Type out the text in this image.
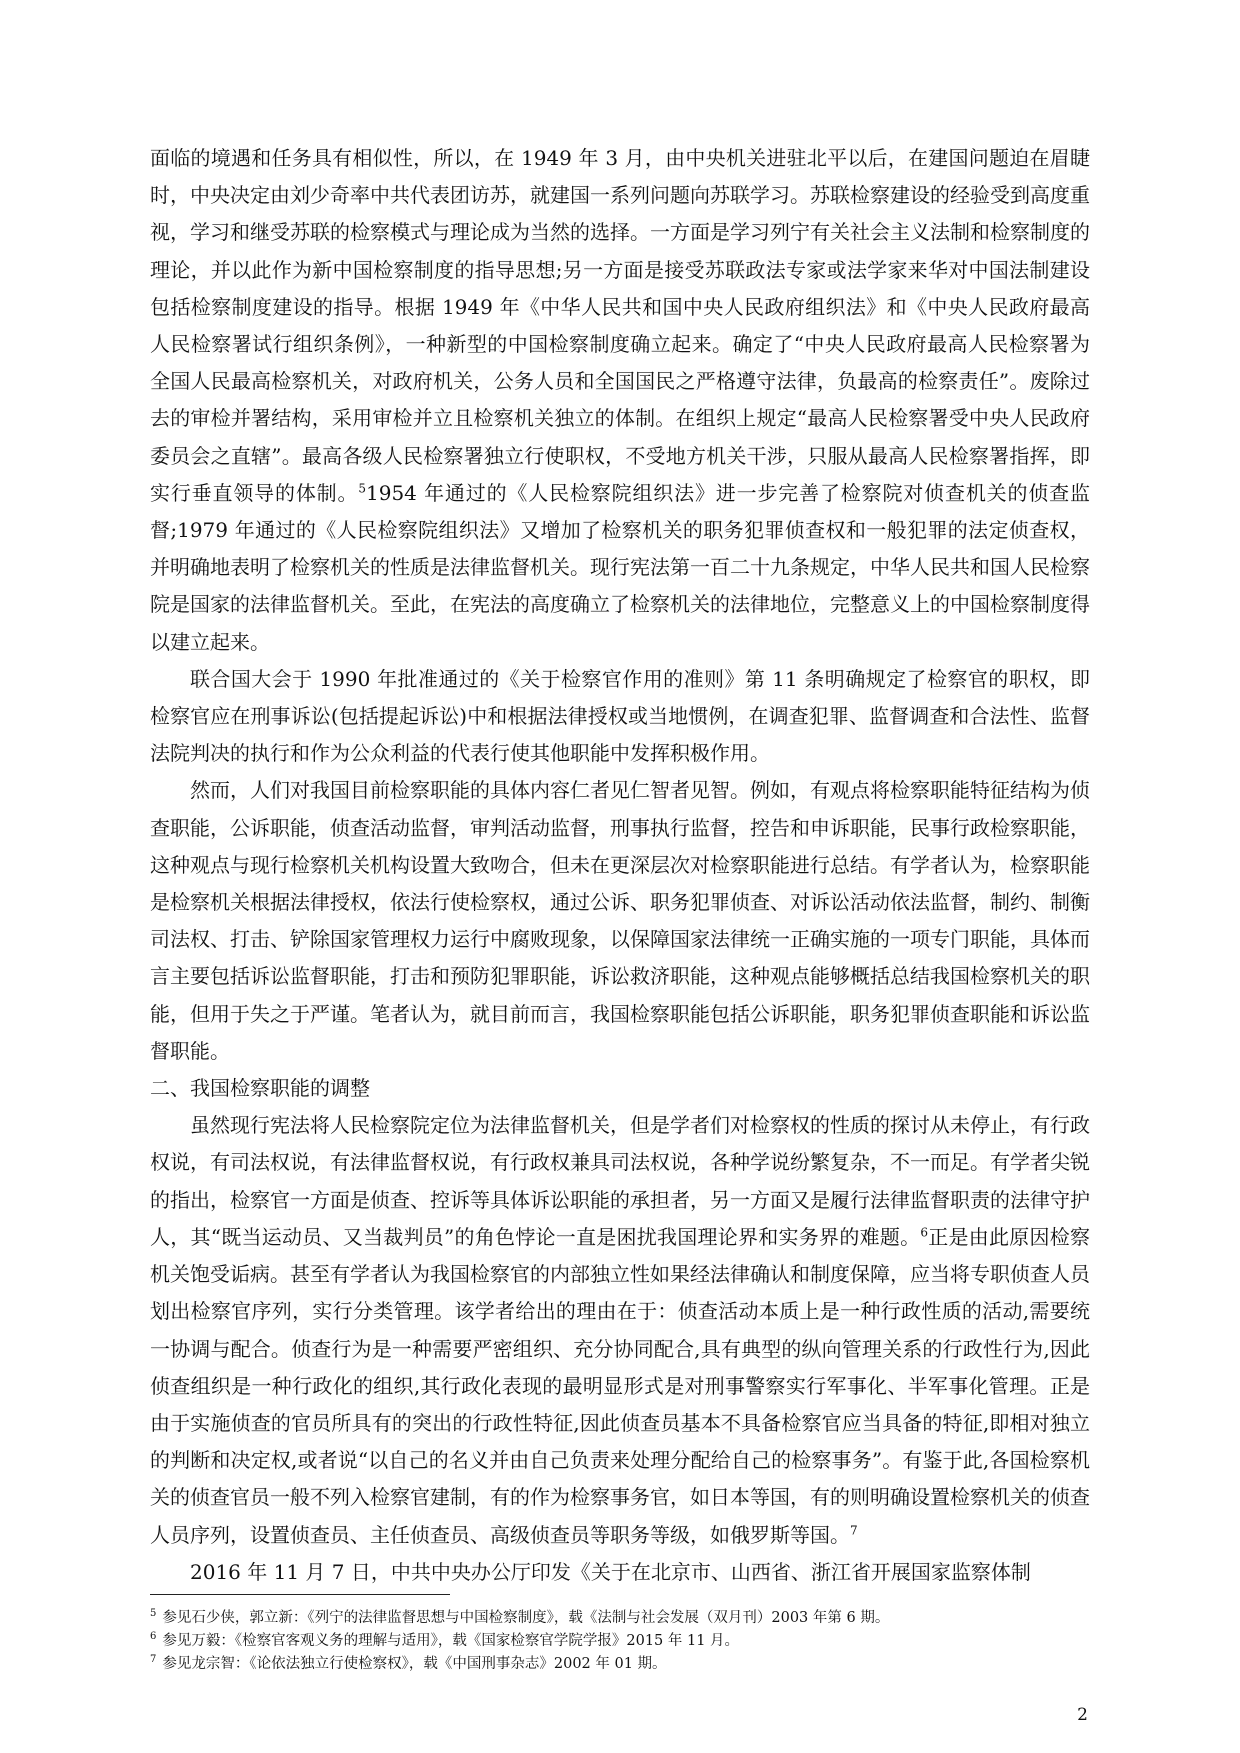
面临的境遇和任务具有相似性，所以，在 1949 年 3 月，由中央机关进驻北平以后，在建国问题迫在眉睫时，中央决定由刘少奇率中共代表团访苏，就建国一系列问题向苏联学习。苏联检察建设的经验受到高度重视，学习和继受苏联的检察模式与理论成为当然的选择。一方面是学习列宁有关社会主义法制和检察制度的理论，并以此作为新中国检察制度的指导思想;另一方面是接受苏联政法专家或法学家来华对中国法制建设包括检察制度建设的指导。根据 1949 年《中华人民共和国中央人民政府组织法》和《中央人民政府最高人民检察署试行组织条例》，一种新型的中国检察制度确立起来。确定了“中央人民政府最高人民检察署为全国人民最高检察机关，对政府机关，公务人员和全国国民之严格遵守法律，负最高的检察责任”。废除过去的审检并署结构，采用审检并立且检察机关独立的体制。在组织上规定“最高人民检察署受中央人民政府委员会之直辖”。最高各级人民检察署独立行使职权，不受地方机关干涉，只服从最高人民检察署指挥，即实行垂直领导的体制。$^5$1954 年通过的《人民检察院组织法》进一步完善了检察院对侦查机关的侦查监督;1979 年通过的《人民检察院组织法》又增加了检察机关的职务犯罪侦查权和一般犯罪的法定侦查权，并明确地表明了检察机关的性质是法律监督机关。现行宪法第一百二十九条规定，中华人民共和国人民检察院是国家的法律监督机关。至此，在宪法的高度确立了检察机关的法律地位，完整意义上的中国检察制度得以建立起来。

联合国大会于 1990 年批准通过的《关于检察官作用的准则》第 11 条明确规定了检察官的职权，即检察官应在刑事诉讼(包括提起诉讼)中和根据法律授权或当地惯例，在调查犯罪、监督调查和合法性、监督法院判决的执行和作为公众利益的代表行使其他职能中发挥积极作用。

然而，人们对我国目前检察职能的具体内容仁者见仁智者见智。例如，有观点将检察职能特征结构为侦查职能，公诉职能，侦查活动监督，审判活动监督，刑事执行监督，控告和申诉职能，民事行政检察职能，这种观点与现行检察机关机构设置大致吻合，但未在更深层次对检察职能进行总结。有学者认为，检察职能是检察机关根据法律授权，依法行使检察权，通过公诉、职务犯罪侦查、对诉讼活动依法监督，制约、制衡司法权、打击、铲除国家管理权力运行中腐败现象，以保障国家法律统一正确实施的一项专门职能，具体而言主要包括诉讼监督职能，打击和预防犯罪职能，诉讼救济职能，这种观点能够概括总结我国检察机关的职能，但用于失之于严谨。笔者认为，就目前而言，我国检察职能包括公诉职能，职务犯罪侦查职能和诉讼监督职能。

二、我国检察职能的调整

虽然现行宪法将人民检察院定位为法律监督机关，但是学者们对检察权的性质的探讨从未停止，有行政权说，有司法权说，有法律监督权说，有行政权兼具司法权说，各种学说纷繁复杂，不一而足。有学者尖锐的指出，检察官一方面是侦查、控诉等具体诉讼职能的承担者，另一方面又是履行法律监督职责的法律守护人，其“既当运动员、又当裁判员”的角色悖论一直是困扰我国理论界和实务界的难题。$^6$正是由此原因检察机关饱受诟病。甚至有学者认为我国检察官的内部独立性如果经法律确认和制度保障，应当将专职侦查人员划出检察官序列，实行分类管理。该学者给出的理由在于：侦查活动本质上是一种行政性质的活动,需要统一协调与配合。侦查行为是一种需要严密组织、充分协同配合,具有典型的纵向管理关系的行政性行为,因此侦查组织是一种行政化的组织,其行政化表现的最明显形式是对刑事警察实行军事化、半军事化管理。正是由于实施侦查的官员所具有的突出的行政性特征,因此侦查员基本不具备检察官应当具备的特征,即相对独立的判断和决定权,或者说“以自己的名义并由自己负责来处理分配给自己的检察事务”。有鉴于此,各国检察机关的侦查官员一般不列入检察官建制，有的作为检察事务官，如日本等国，有的则明确设置检察机关的侦查人员序列，设置侦查员、主任侦查员、高级侦查员等职务等级，如俄罗斯等国。$^7$

2016 年 11 月 7 日，中共中央办公厅印发《关于在北京市、山西省、浙江省开展国家监察体制

$^5$ 参见石少侠，郭立新：《列宁的法律监督思想与中国检察制度》，载《法制与社会发展（双月刊）2003 年第 6 期。
$^6$ 参见万毅：《检察官客观义务的理解与适用》，载《国家检察官学院学报》2015 年 11 月。
$^7$ 参见龙宗智：《论依法独立行使检察权》，载《中国刑事杂志》2002 年 01 期。
2
